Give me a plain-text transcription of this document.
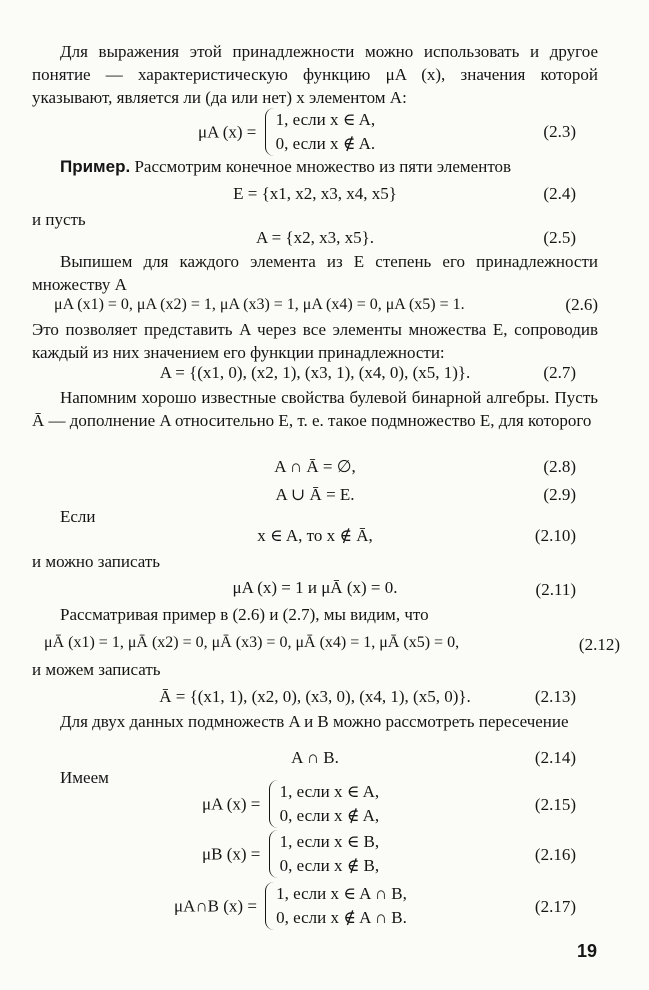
Для выражения этой принадлежности можно использовать и другое понятие — характеристическую функцию μA (x), значения которой указывают, является ли (да или нет) x элементом A:
μA (x) =
1, если x ∈ A,
0, если x ∉ A.
(2.3)
Пример. Рассмотрим конечное множество из пяти элементов
E = {x1, x2, x3, x4, x5}	(2.4)
и пусть
A = {x2, x3, x5}.	(2.5)
Выпишем для каждого элемента из E степень его принадлежности множеству A
μA (x1) = 0, μA (x2) = 1, μA (x3) = 1, μA (x4) = 0, μA (x5) = 1.	(2.6)
Это позволяет представить A через все элементы множества E, сопроводив каждый из них значением его функции принадлежности:
A = {(x1, 0), (x2, 1), (x3, 1), (x4, 0), (x5, 1)}.	(2.7)
Напомним хорошо известные свойства булевой бинарной алгебры. Пусть Ā — дополнение A относительно E, т. е. такое подмножество E, для которого
A ∩ Ā = ∅,	(2.8)
A ∪ Ā = E.	(2.9)
Если
x ∈ A, то x ∉ Ā,	(2.10)
и можно записать
μA (x) = 1 и μĀ (x) = 0.	(2.11)
Рассматривая пример в (2.6) и (2.7), мы видим, что
μĀ (x1) = 1, μĀ (x2) = 0, μĀ (x3) = 0, μĀ (x4) = 1, μĀ (x5) = 0,	(2.12)
и можем записать
Ā = {(x1, 1), (x2, 0), (x3, 0), (x4, 1), (x5, 0)}.	(2.13)
Для двух данных подмножеств A и B можно рассмотреть пересечение
A ∩ B.	(2.14)
Имеем
μA (x) =
1, если x ∈ A,
0, если x ∉ A,
(2.15)
μB (x) =
1, если x ∈ B,
0, если x ∉ B,
(2.16)
μA∩B (x) =
1, если x ∈ A ∩ B,
0, если x ∉ A ∩ B.
(2.17)
19
